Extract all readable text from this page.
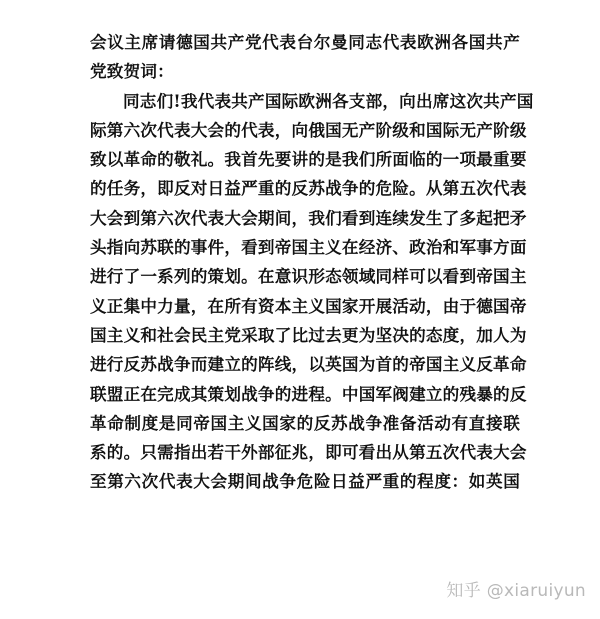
会议主席请德国共产党代表台尔曼同志代表欧洲各国共产
党致贺词：
同志们!我代表共产国际欧洲各支部，向出席这次共产国
际第六次代表大会的代表，向俄国无产阶级和国际无产阶级
致以革命的敬礼。我首先要讲的是我们所面临的一项最重要
的任务，即反对日益严重的反苏战争的危险。从第五次代表
大会到第六次代表大会期间，我们看到连续发生了多起把矛
头指向苏联的事件，看到帝国主义在经济、政治和军事方面
进行了一系列的策划。在意识形态领域同样可以看到帝国主
义正集中力量，在所有资本主义国家开展活动，由于德国帝
国主义和社会民主党采取了比过去更为坚决的态度，加人为
进行反苏战争而建立的阵线，以英国为首的帝国主义反革命
联盟正在完成其策划战争的进程。中国军阀建立的残暴的反
革命制度是同帝国主义国家的反苏战争准备活动有直接联
系的。只需指出若干外部征兆，即可看出从第五次代表大会
至第六次代表大会期间战争危险日益严重的程度：如英国
知乎 @xiaruiyun
